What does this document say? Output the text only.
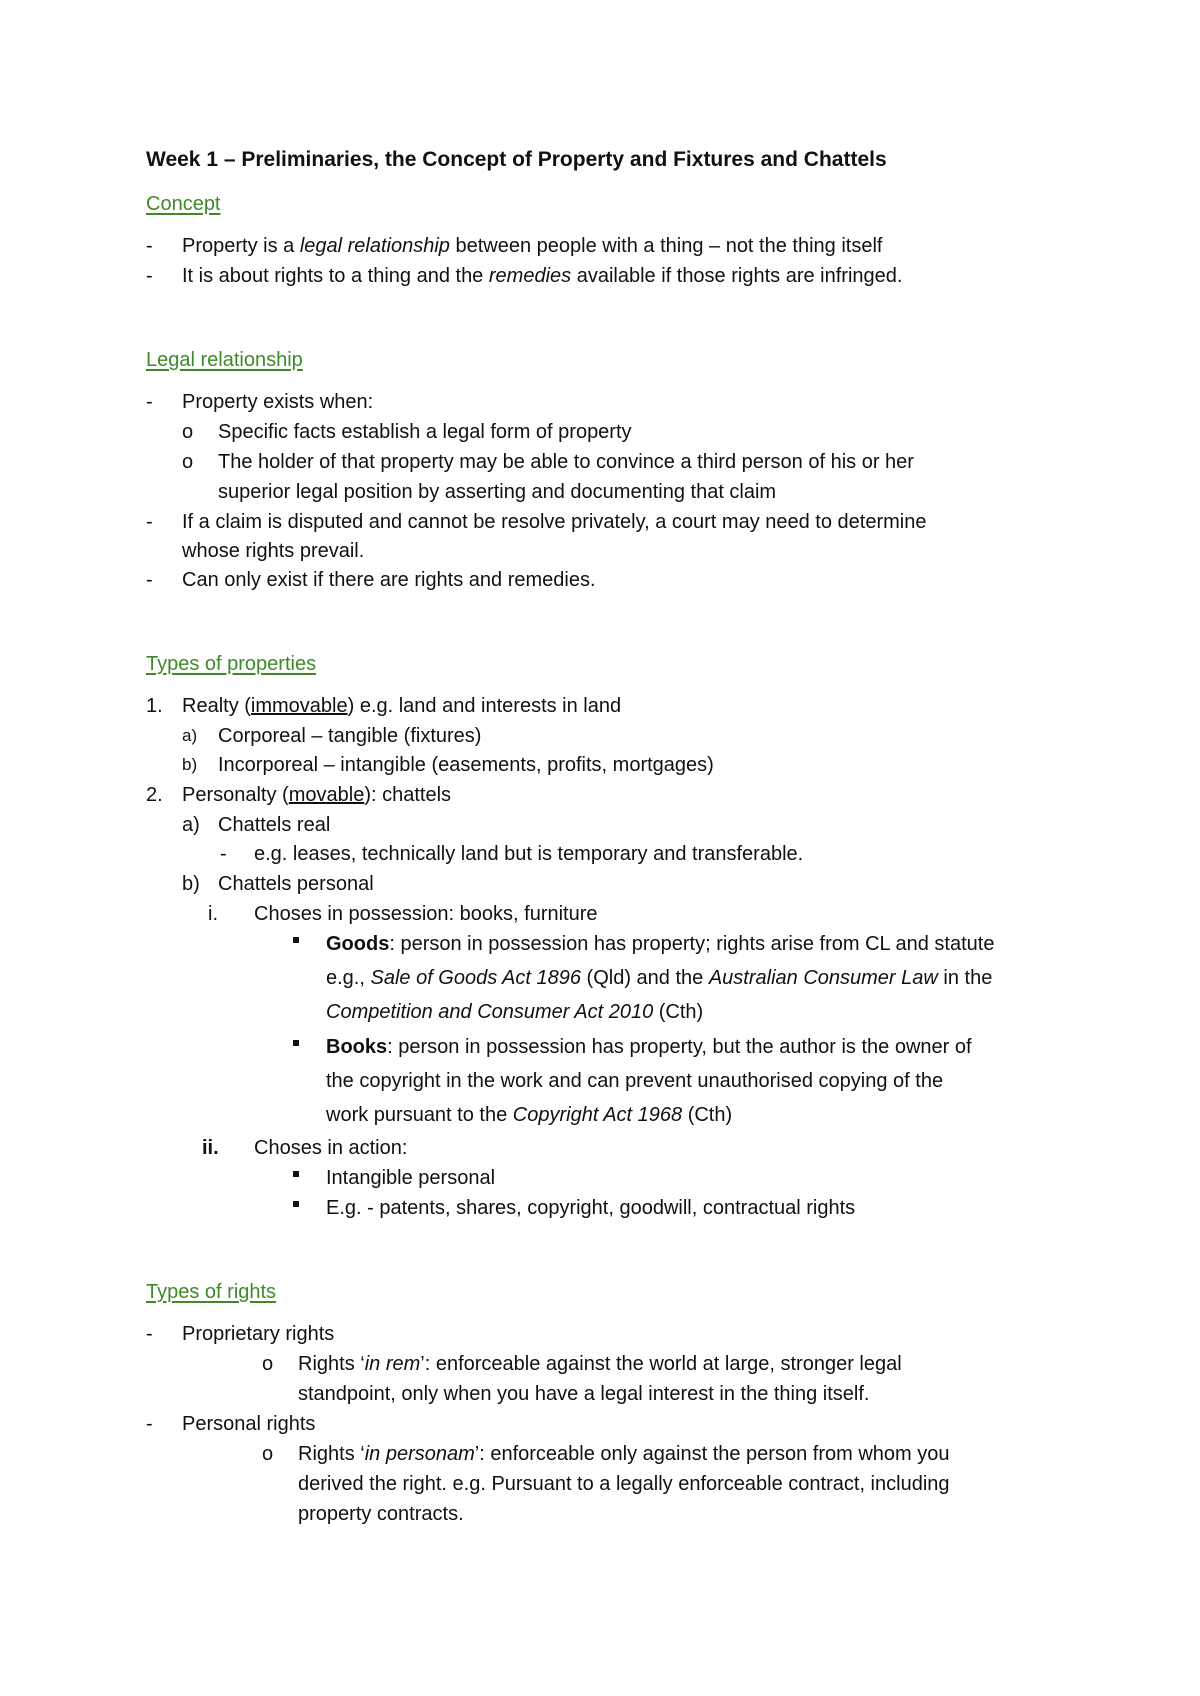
Week 1 – Preliminaries, the Concept of Property and Fixtures and Chattels
Concept
- Property is a legal relationship between people with a thing – not the thing itself
- It is about rights to a thing and the remedies available if those rights are infringed.
Legal relationship
- Property exists when:
o Specific facts establish a legal form of property
o The holder of that property may be able to convince a third person of his or her
superior legal position by asserting and documenting that claim
- If a claim is disputed and cannot be resolve privately, a court may need to determine
whose rights prevail.
- Can only exist if there are rights and remedies.
Types of properties
1. Realty (immovable) e.g. land and interests in land
a) Corporeal – tangible (fixtures)
b) Incorporeal – intangible (easements, profits, mortgages)
2. Personalty (movable): chattels
a) Chattels real
- e.g. leases, technically land but is temporary and transferable.
b) Chattels personal
i. Choses in possession: books, furniture
Goods: person in possession has property; rights arise from CL and statute
e.g., Sale of Goods Act 1896 (Qld) and the Australian Consumer Law in the
Competition and Consumer Act 2010 (Cth)
Books: person in possession has property, but the author is the owner of
the copyright in the work and can prevent unauthorised copying of the
work pursuant to the Copyright Act 1968 (Cth)
ii. Choses in action:
Intangible personal
E.g. - patents, shares, copyright, goodwill, contractual rights
Types of rights
- Proprietary rights
o Rights ‘in rem’: enforceable against the world at large, stronger legal
standpoint, only when you have a legal interest in the thing itself.
- Personal rights
o Rights ‘in personam’: enforceable only against the person from whom you
derived the right. e.g. Pursuant to a legally enforceable contract, including
property contracts.
